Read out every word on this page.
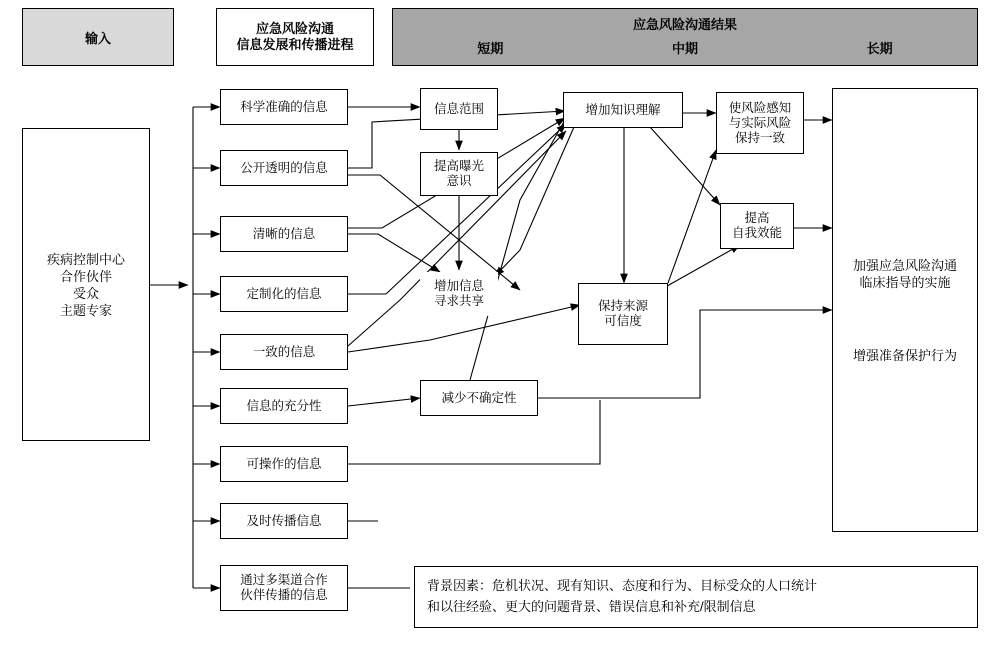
输入
应急风险沟通
信息发展和传播进程
应急风险沟通结果
短期	中期	长期
疾病控制中心
合作伙伴
受众
主题专家
科学准确的信息
公开透明的信息
清晰的信息
定制化的信息
一致的信息
信息的充分性
可操作的信息
及时传播信息
通过多渠道合作
伙伴传播的信息
信息范围
提高曝光
意识
增加信息
寻求共享
减少不确定性
增加知识理解
保持来源
可信度
提高
自我效能
使风险感知
与实际风险
保持一致
加强应急风险沟通
临床指导的实施
增强准备保护行为
背景因素：危机状况、现有知识、态度和行为、目标受众的人口统计
和以往经验、更大的问题背景、错误信息和补充/限制信息
